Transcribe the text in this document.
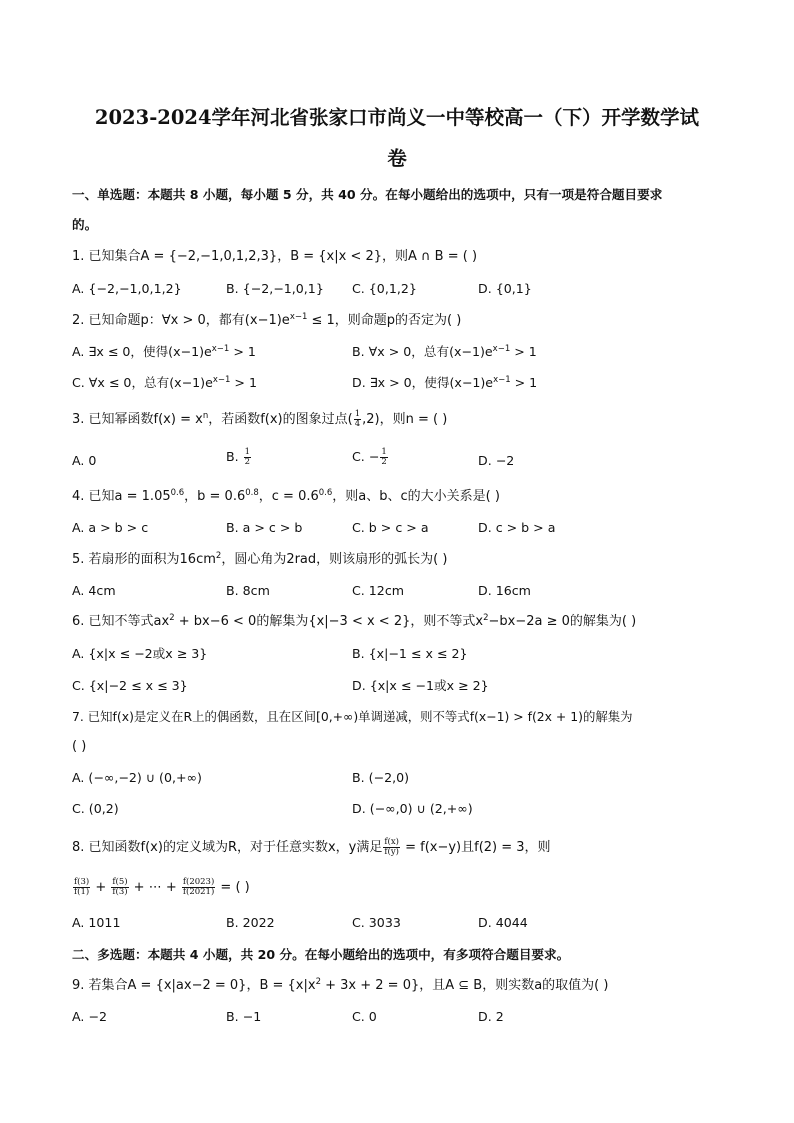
2023-2024学年河北省张家口市尚义一中等校高一（下）开学数学试
卷
一、单选题：本题共 8 小题，每小题 5 分，共 40 分。在每小题给出的选项中，只有一项是符合题目要求
的。
1. 已知集合A = {−2,−1,0,1,2,3}，B = {x|x < 2}，则A ∩ B = ( )
A. {−2,−1,0,1,2}	B. {−2,−1,0,1} C. {0,1,2}	D. {0,1}
2. 已知命题p：∀x > 0，都有$(x-1)e^{x-1} \le 1$，则命题p的否定为( )
A. ∃x ≤ 0，使得$(x-1)e^{x-1} > 1$	B. ∀x > 0，总有$(x-1)e^{x-1} > 1$
C. ∀x ≤ 0，总有$(x-1)e^{x-1} > 1$	D. ∃x > 0，使得$(x-1)e^{x-1} > 1$
3. 已知幂函数$f(x) = x^n$，若函数f(x)的图象过点( $\frac{1}{4} ,2$)，则n = ( )
A. 0	B. $\frac{1}{2}$	C. − $\frac{1}{2}$	D. −2
4. 已知$a = 1.05^{0.6}$，$b = 0.6^{0.8}$，$c = 0.6^{0.6}$，则a、b、c的大小关系是( )
A. a > b > c	B. a > c > b	C. b > c > a	D. c > b > a
5. 若扇形的面积为$16cm^2$，圆心角为2rad，则该扇形的弧长为( )
A. 4cm	B. 8cm	C. 12cm	D. 16cm
6. 已知不等式$ax^2 + bx-6 < 0$的解集为{x|−3 < x < 2}，则不等式$x^2-bx-2a \ge 0$的解集为( )
A. {x|x ≤ −2或x ≥ 3}	B. {x|−1 ≤ x ≤ 2}
C. {x|−2 ≤ x ≤ 3}	D. {x|x ≤ −1或x ≥ 2}
7. 已知f(x)是定义在R上的偶函数，且在区间[0,+∞)单调递减，则不等式f(x−1) > f(2x + 1)的解集为
( )
A. (−∞,−2) ∪ (0,+∞)	B. (−2,0)
C. (0,2)	D. (−∞,0) ∪ (2,+∞)
8. 已知函数f(x)的定义域为R，对于任意实数x，y满足 $\frac{f(x)}{f(y)} = f(x-y)$且f(2) = 3，则
$\frac{f(3)}{f(1)} + \frac{f(5)}{f(3)}$ + ⋯ + $\frac{f(2023)}{f(2021)}$ = ( )
A. 1011	B. 2022	C. 3033	D. 4044
二、多选题：本题共 4 小题，共 20 分。在每小题给出的选项中，有多项符合题目要求。
9. 若集合A = {x|ax−2 = 0}，$B = \{x|x^2 + 3x + 2 = 0\}$，且A ⊆ B，则实数a的取值为( )
A. −2	B. −1	C. 0	D. 2
